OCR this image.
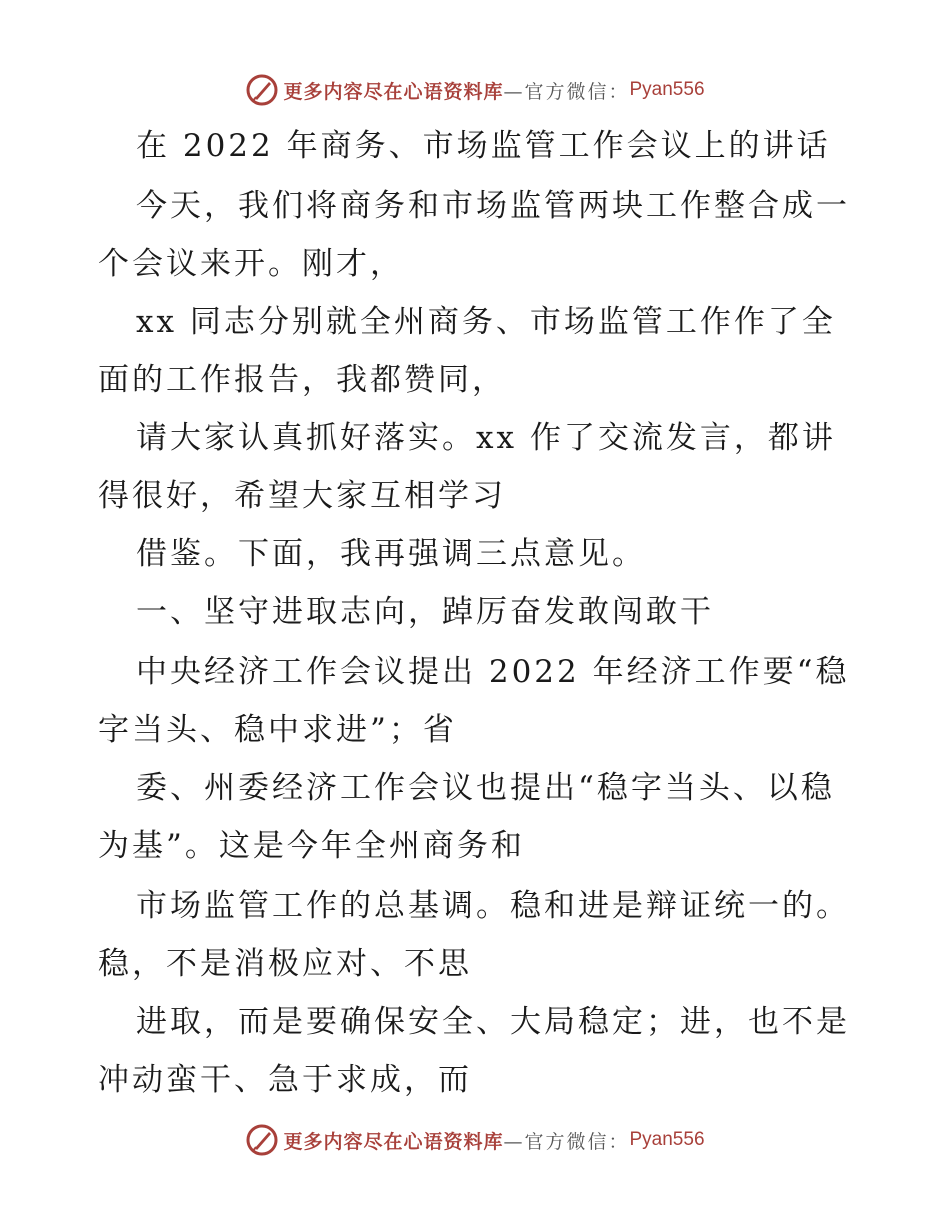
更多内容尽在心语资料库 —官方微信： Pyan556

在 2022 年商务、市场监管工作会议上的讲话

今天，我们将商务和市场监管两块工作整合成一

个会议来开。刚才，

xx 同志分别就全州商务、市场监管工作作了全

面的工作报告，我都赞同，

请大家认真抓好落实。xx 作了交流发言，都讲

得很好，希望大家互相学习

借鉴。下面，我再强调三点意见。

一、坚守进取志向，踔厉奋发敢闯敢干

中央经济工作会议提出 2022 年经济工作要“稳

字当头、稳中求进”；省

委、州委经济工作会议也提出“稳字当头、以稳

为基”。这是今年全州商务和

市场监管工作的总基调。稳和进是辩证统一的。

稳，不是消极应对、不思

进取，而是要确保安全、大局稳定；进，也不是

冲动蛮干、急于求成，而

更多内容尽在心语资料库 —官方微信： Pyan556
